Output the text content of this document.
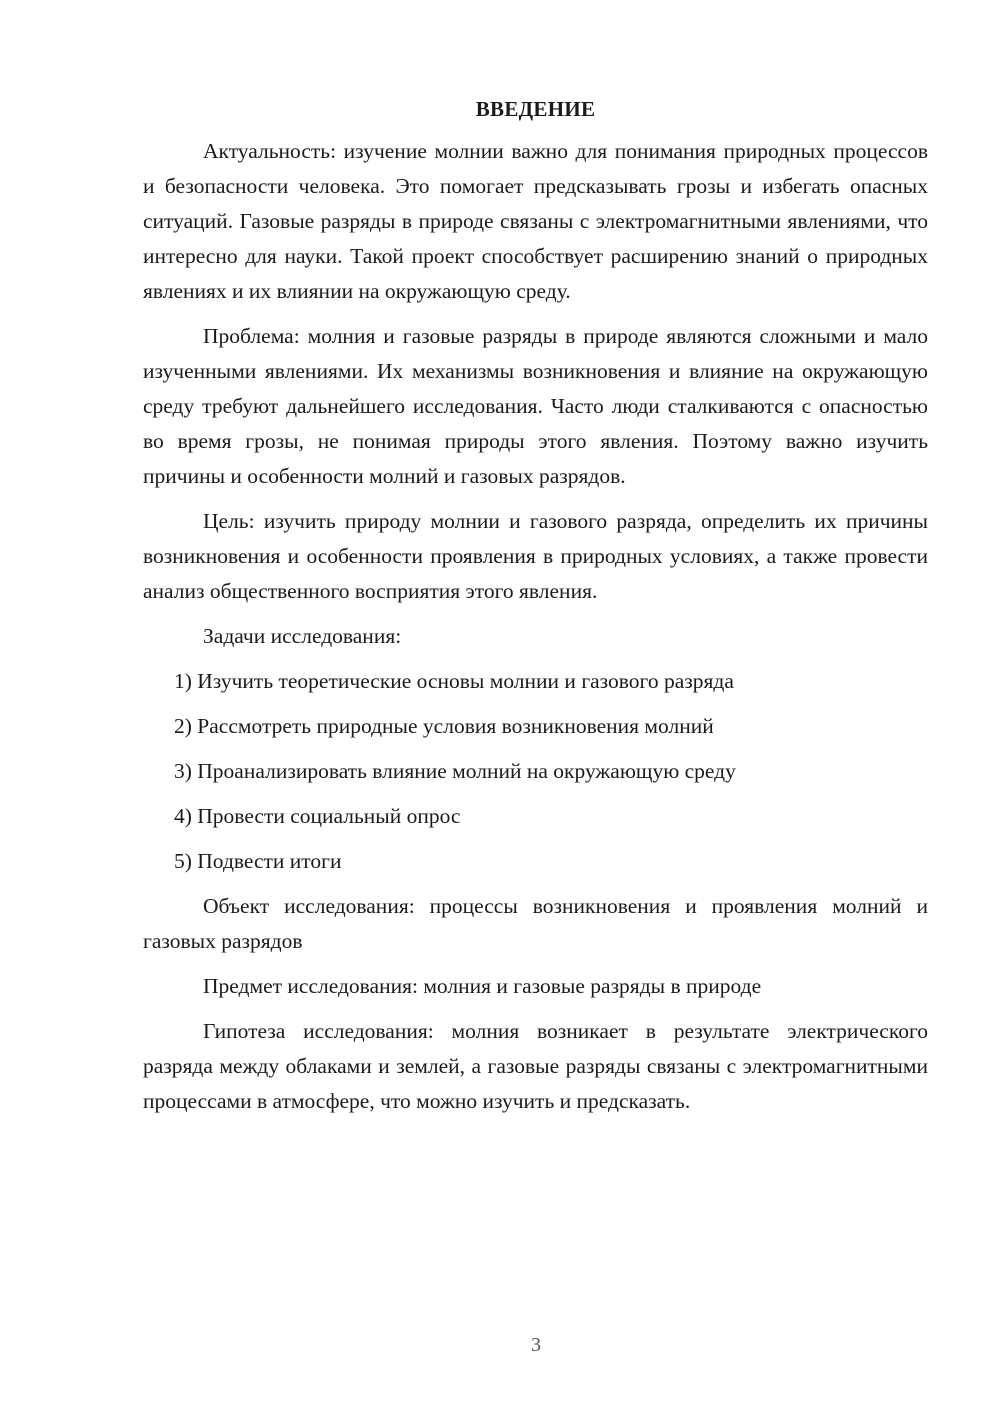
ВВЕДЕНИЕ

Актуальность: изучение молнии важно для понимания природных процессов и безопасности человека. Это помогает предсказывать грозы и избегать опасных ситуаций. Газовые разряды в природе связаны с электромагнитными явлениями, что интересно для науки. Такой проект способствует расширению знаний о природных явлениях и их влиянии на окружающую среду.

Проблема: молния и газовые разряды в природе являются сложными и мало изученными явлениями. Их механизмы возникновения и влияние на окружающую среду требуют дальнейшего исследования. Часто люди сталкиваются с опасностью во время грозы, не понимая природы этого явления. Поэтому важно изучить причины и особенности молний и газовых разрядов.

Цель: изучить природу молнии и газового разряда, определить их причины возникновения и особенности проявления в природных условиях, а также провести анализ общественного восприятия этого явления.

Задачи исследования:

1) Изучить теоретические основы молнии и газового разряда
2) Рассмотреть природные условия возникновения молний
3) Проанализировать влияние молний на окружающую среду
4) Провести социальный опрос
5) Подвести итоги

Объект исследования: процессы возникновения и проявления молний и газовых разрядов

Предмет исследования: молния и газовые разряды в природе

Гипотеза исследования: молния возникает в результате электрического разряда между облаками и землей, а газовые разряды связаны с электромагнитными процессами в атмосфере, что можно изучить и предсказать.

3
